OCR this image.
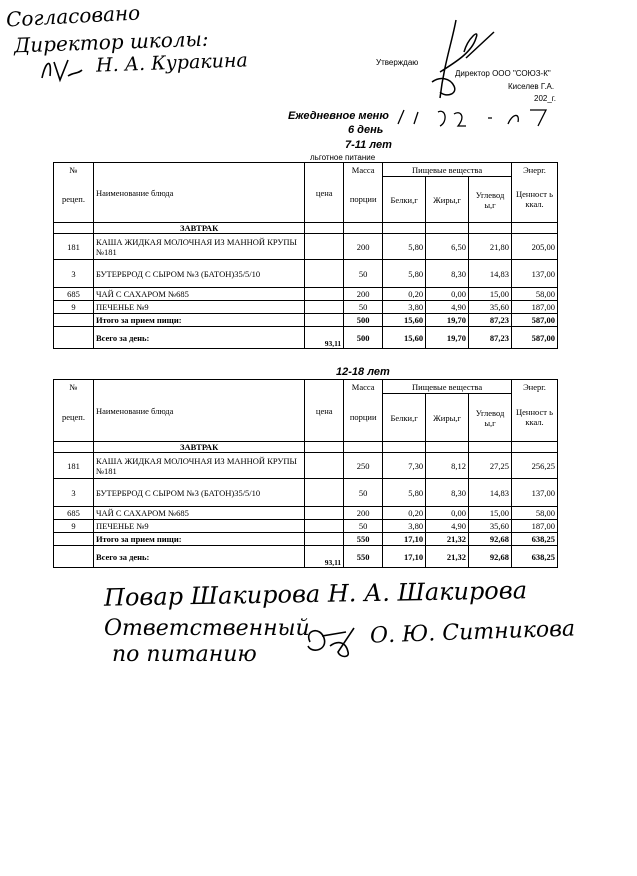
Согласовано
Директор школы:
Н. А. Куракина	Утверждаю
Директор ООО "СОЮЗ-К"
Киселев Г.А.
202_г.
Ежедневное меню
6 день
7-11 лет
льготное питание
№	Наименование блюда	цена	Масса	Пищевые вещества			Энерг.
рецеп.			порции	Белки,г	Жиры,г	Углевод ы,г	Ценност ь ккал.
	ЗАВТРАК						
181	КАША ЖИДКАЯ МОЛОЧНАЯ ИЗ МАННОЙ КРУПЫ №181		200	5,80	6,50	21,80	205,00
3	БУТЕРБРОД С СЫРОМ №3 (БАТОН)35/5/10		50	5,80	8,30	14,83	137,00
685	ЧАЙ С САХАРОМ №685		200	0,20	0,00	15,00	58,00
9	ПЕЧЕНЬЕ №9		50	3,80	4,90	35,60	187,00
	Итого за прием пищи:		500	15,60	19,70	87,23	587,00
	Всего за день:	93,11	500	15,60	19,70	87,23	587,00
12-18 лет
№	Наименование блюда	цена	Масса	Пищевые вещества			Энерг.
рецеп.			порции	Белки,г	Жиры,г	Углевод ы,г	Ценност ь ккал.
	ЗАВТРАК						
181	КАША ЖИДКАЯ МОЛОЧНАЯ ИЗ МАННОЙ КРУПЫ №181		250	7,30	8,12	27,25	256,25
3	БУТЕРБРОД С СЫРОМ №3 (БАТОН)35/5/10		50	5,80	8,30	14,83	137,00
685	ЧАЙ С САХАРОМ №685		200	0,20	0,00	15,00	58,00
9	ПЕЧЕНЬЕ №9		50	3,80	4,90	35,60	187,00
	Итого за прием пищи:		550	17,10	21,32	92,68	638,25
	Всего за день:	93,11	550	17,10	21,32	92,68	638,25
Повар Шакирова Н. А. Шакирова
Ответственный
по питанию
О. Ю. Ситникова
